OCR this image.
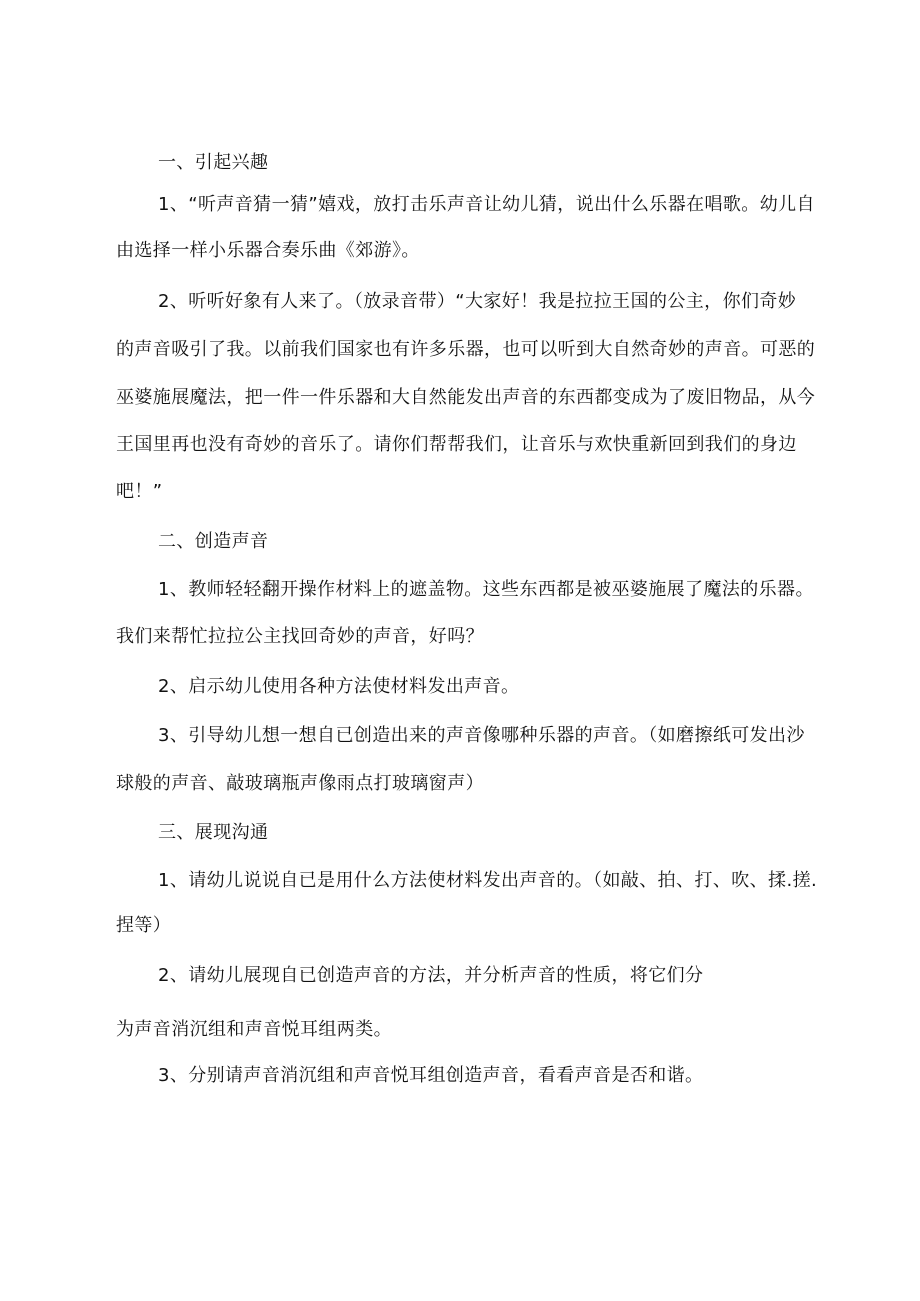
一、引起兴趣
1、“听声音猜一猜”嬉戏，放打击乐声音让幼儿猜，说出什么乐器在唱歌。幼儿自
由选择一样小乐器合奏乐曲《郊游》。
2、听听好象有人来了。（放录音带）“大家好！我是拉拉王国的公主，你们奇妙
的声音吸引了我。以前我们国家也有许多乐器，也可以听到大自然奇妙的声音。可恶的
巫婆施展魔法，把一件一件乐器和大自然能发出声音的东西都变成为了废旧物品，从今
王国里再也没有奇妙的音乐了。请你们帮帮我们，让音乐与欢快重新回到我们的身边
吧！”
二、创造声音
1、教师轻轻翻开操作材料上的遮盖物。这些东西都是被巫婆施展了魔法的乐器。
我们来帮忙拉拉公主找回奇妙的声音，好吗？
2、启示幼儿使用各种方法使材料发出声音。
3、引导幼儿想一想自已创造出来的声音像哪种乐器的声音。（如磨擦纸可发出沙
球般的声音、敲玻璃瓶声像雨点打玻璃窗声）
三、展现沟通
1、请幼儿说说自已是用什么方法使材料发出声音的。（如敲、拍、打、吹、揉.搓.
捏等）
2、请幼儿展现自已创造声音的方法，并分析声音的性质，将它们分
为声音消沉组和声音悦耳组两类。
3、分别请声音消沉组和声音悦耳组创造声音，看看声音是否和谐。
